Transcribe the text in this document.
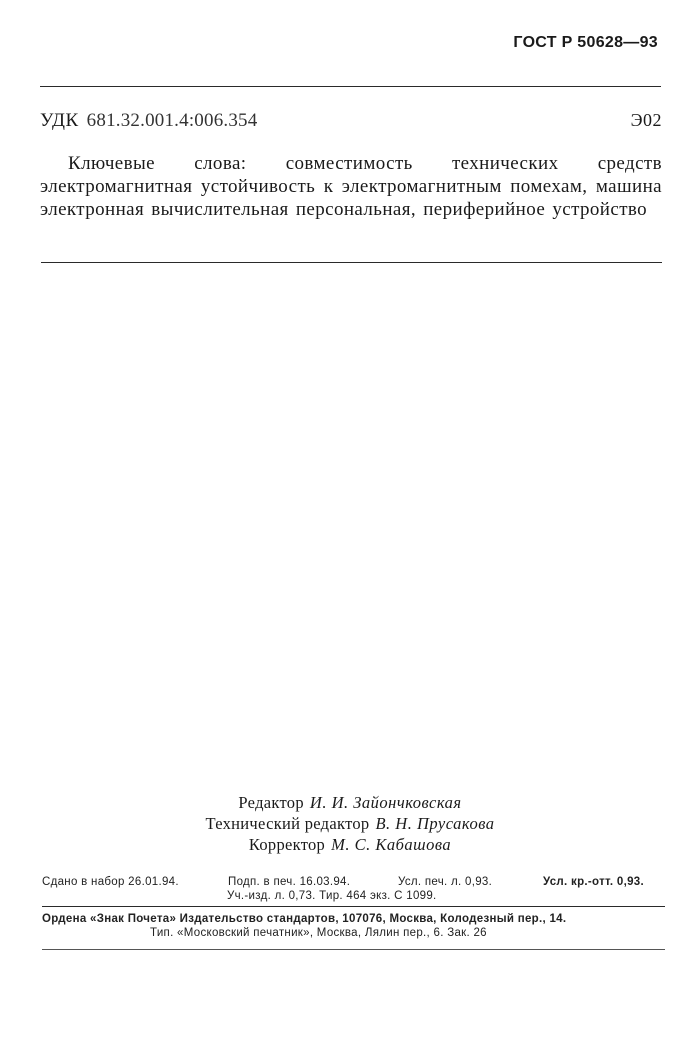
ГОСТ Р 50628—93
УДК 681.32.001.4:006.354	Э02
Ключевые слова: совместимость технических средств электромагнитная устойчивость к электромагнитным помехам, машина электронная вычислительная персональная, периферийное устройство
Редактор И. И. Зайончковская
Технический редактор В. Н. Прусакова
Корректор М. С. Кабашова
Сдано в набор 26.01.94.	Подп. в печ. 16.03.94.	Усл. печ. л. 0,93.	Усл. кр.-отт. 0,93.
Уч.-изд. л. 0,73. Тир. 464 экз. С 1099.
Ордена «Знак Почета» Издательство стандартов, 107076, Москва, Колодезный пер., 14.
Тип. «Московский печатник», Москва, Лялин пер., 6. Зак. 26
